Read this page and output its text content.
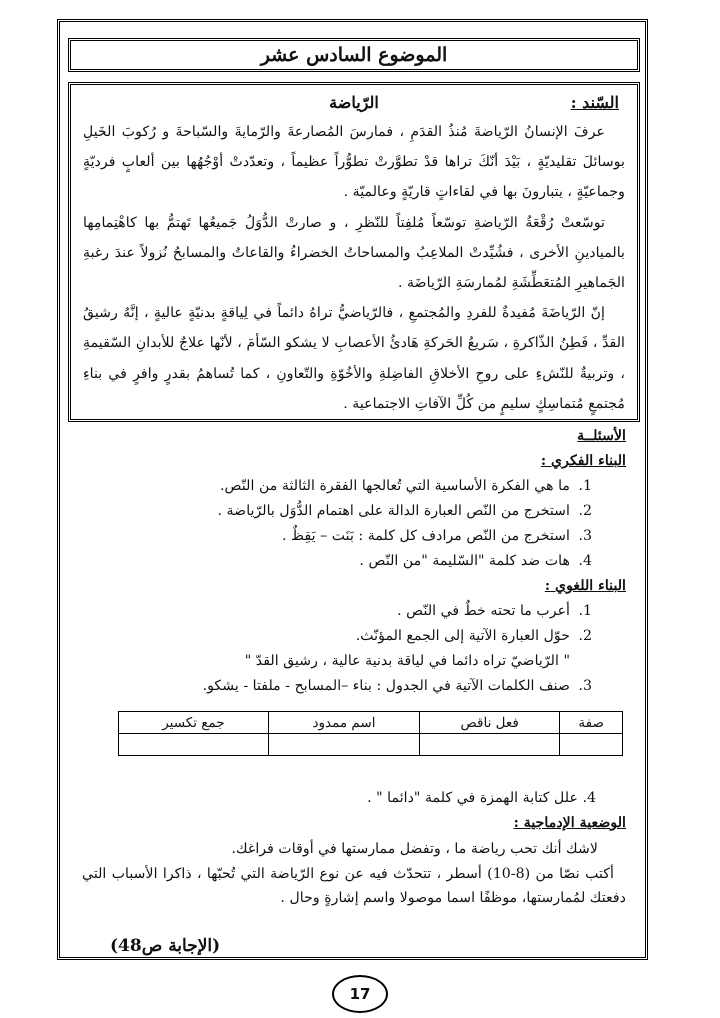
الموضوع السادس عشر
السّند :
الرّياضة

عرفَ الإنسانُ الرّياضةَ مُنذُ القدَمِ ، فمارسَ المُصارعةَ والرّمايةَ والسّباحةَ و رُكوبَ الخَيلِ بوسائلَ تقليديّةٍ ، بَيْدَ أنّكَ تراها قدْ تطوَّرتْ تطوُّراً عظيماً ، وتعدّدتْ أوْجُهُها بين ألعابٍ فرديّةٍ وجماعيّةٍ ، يتبارونَ بها في لقاءاتٍ قاريّةٍ وعالميّة .

توسّعتْ رُقْعَةُ الرّياضةِ توسّعاً مُلفِتاً للنّظرِ ، و صارتْ الدُّوَلُ جَميعُها تَهتمُّ بها كاهْتِمامِها بالميادينِ الأخرى ، فشُيِّدتْ الملاعِبُ والمساحاتُ الخضراءُ والقاعاتُ والمسابحُ نُزولاً عندَ رغبةِ الجَماهيرِ المُتعَطِّشَةِ لمُمارسَةِ الرّياضَة .

إنّ الرّياضَةَ مُفيدةٌ للفردِ والمُجتمعِ ، فالرّياضيُّ تراهُ دائماً في لِياقةٍ بدنيّةٍ عاليةٍ ، إنَّهُ رشيقُ القدِّ ، فَطِنُ الذّاكرةِ ، سَريعُ الحَركةِ هَادئُ الأعصابِ لا يشكو السّأمَ ، لأنّها علاجٌ للأبدانِ السّقيمةِ ، وتربيةٌ للنّشءِ على روحِ الأخلاقِ الفاضِلةِ والأخُوّةِ والتّعاونِ ، كما تُساهمُ بقدرٍ وافرٍ في بناءِ مُجتمعٍ مُتماسِكٍ سليمٍ من كُلِّ الآفاتِ الاجتماعية .

الأسئلــة

البناء الفكري :

1.ما هي الفكرة الأساسية التي تُعالجها الفقرة الثالثة من النّص.

2.استخرج من النّص العبارة الدالة على اهتمام الدُّوَل بالرّياضة .

3.استخرج من النّص مرادف كل كلمة : بَنَت – يَقِظٌ .

4.هات ضد كلمة "السّليمة "من النّص .

البناء اللغوي :

1.أعرب ما تحته خطٌ في النّص .

2.حوّل العبارة الآتية إلى الجمع المؤنّث.

" الرّياضيّ تراه دائما في لياقة بدنية عالية ، رشيق القدّ "

3.صنف الكلمات الآتية في الجدول : بناء –المسابح - ملفتا - يشكو.

صفة	فعل ناقص	اسم ممدود	جمع تكسير

4. علل كتابة الهمزة في كلمة "دائما " .

الوضعية الإدماجية :

لاشك أنك تحب رياضة ما ، وتفضل ممارستها في أوقات فراغك.

أكتب نصّا من (8-10) أسطر ، تتحدّث فيه عن نوع الرّياضة التي تُحبّها ، ذاكرا الأسباب التي دفعتك لمُمارستها، موظفًا اسما موصولا واسم إشارةٍ وحال .

(الإجابة ص48)
17
